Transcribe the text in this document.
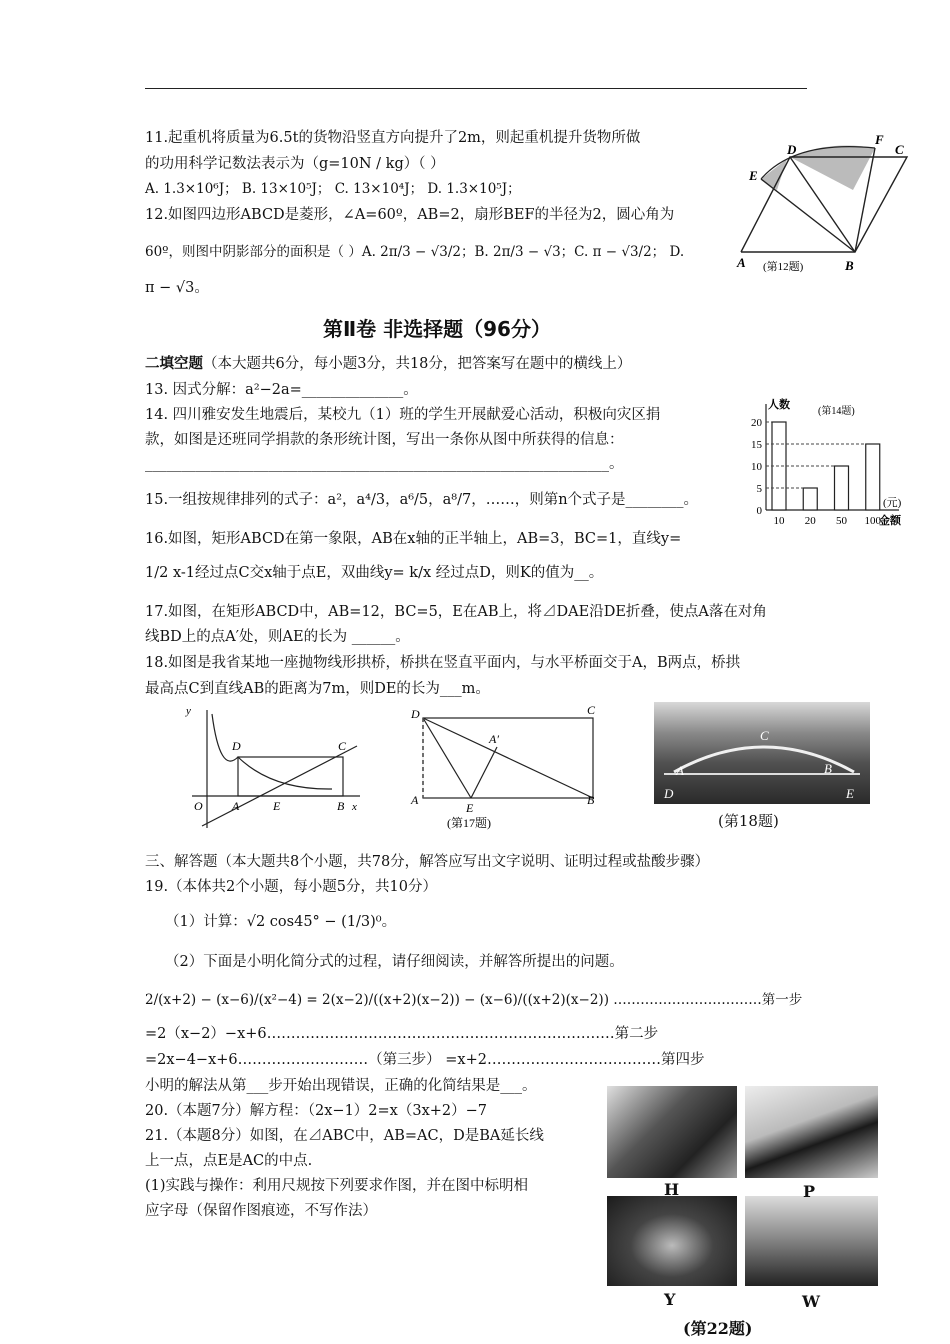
11.起重机将质量为6.5t的货物沿竖直方向提升了2m，则起重机提升货物所做
的功用科学记数法表示为（g=10N / kg）（ ）
A. 1.3×10⁶J； B. 13×10⁵J； C. 13×10⁴J； D. 1.3×10⁵J；
12.如图四边形ABCD是菱形，∠A=60º，AB=2，扇形BEF的半径为2，圆心角为
60º，则图中阴影部分的面积是（ ）A. 2π/3 − √3/2；B. 2π/3 − √3；C. π − √3/2； D.
π − √3。
D
F
C
E
A	B
(第12题)
第Ⅱ卷 非选择题（96分）
二填空题（本大题共6分，每小题3分，共18分，把答案写在题中的横线上）
13. 因式分解：a²−2a=______________。
14. 四川雅安发生地震后，某校九（1）班的学生开展献爱心活动，积极向灾区捐
款，如图是还班同学捐款的条形统计图，写出一条你从图中所获得的信息：
________________________________________________________________。
0
5
10
15
20
10 20 50 100
人数
(第14题)
(元)
金额
15.一组按规律排列的式子：a²，a⁴/3，a⁶/5，a⁸/7，……，则第n个式子是________。
16.如图，矩形ABCD在第一象限，AB在x轴的正半轴上，AB=3，BC=1，直线y=
1/2 x-1经过点C交x轴于点E，双曲线y= k/x 经过点D，则K的值为__。
17.如图，在矩形ABCD中，AB=12，BC=5，E在AB上，将⊿DAE沿DE折叠，使点A落在对角
线BD上的点A′处，则AE的长为 ______。
18.如图是我省某地一座抛物线形拱桥，桥拱在竖直平面内，与水平桥面交于A，B两点，桥拱
最高点C到直线AB的距离为7m，则DE的长为___m。
y
D	C
O A	E	B x
D	C
A′
A
E
B
(第17题)
C
A	B
D	E
(第18题)
三、解答题（本大题共8个小题，共78分，解答应写出文字说明、证明过程或盐酸步骤）
19.（本体共2个小题，每小题5分，共10分）
（1）计算：√2 cos45° − (1/3)⁰。
（2）下面是小明化简分式的过程，请仔细阅读，并解答所提出的问题。
2/(x+2) − (x−6)/(x²−4) = 2(x−2)/((x+2)(x−2)) − (x−6)/((x+2)(x−2)) ……………………………第一步
=2（x−2）−x+6………………………………………………………………第二步
=2x−4−x+6………………………（第三步） =x+2………………………………第四步
小明的解法从第___步开始出现错误，正确的化简结果是___。
20.（本题7分）解方程：（2x−1）2=x（3x+2）−7
21.（本题8分）如图，在⊿ABC中，AB=AC，D是BA延长线
上一点，点E是AC的中点.
(1)实践与操作：利用尺规按下列要求作图，并在图中标明相
应字母（保留作图痕迹，不写作法）
H	P
Y	W
(第22题)
